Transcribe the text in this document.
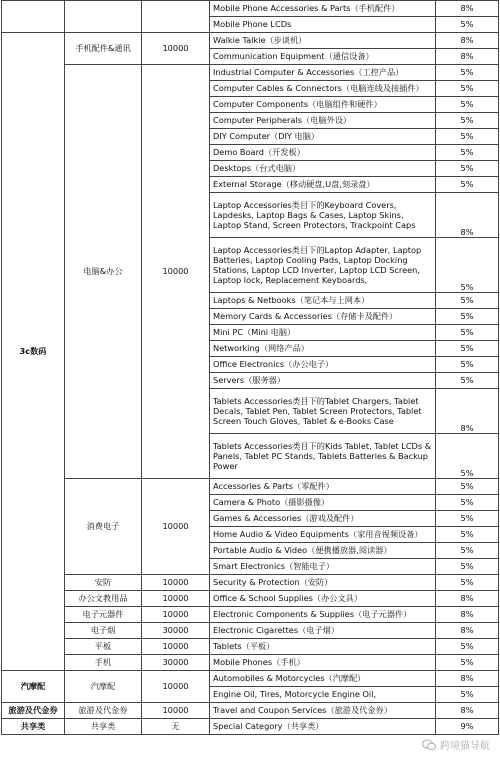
			Mobile Phone Accessories & Parts（手机配件）	8%
			Mobile Phone LCDs	5%
3c数码	手机配件&通讯	10000	Walkie Talkie（步谈机）	8%
			Communication Equipment（通信设备）	8%
	电脑&办公	10000	Industrial Computer & Accessories（工控产品）	5%
			Computer Cables & Connectors（电脑连线及接插件）	5%
			Computer Components（电脑组件和硬件）	5%
			Computer Peripherals（电脑外设）	5%
			DIY Computer（DIY 电脑）	5%
			Demo Board（开发板）	5%
			Desktops（台式电脑）	5%
			External Storage（移动硬盘,U盘,刻录盘）	5%
			Laptop Accessories类目下的Keyboard Covers, Lapdesks, Laptop Bags & Cases, Laptop Skins, Laptop Stand, Screen Protectors, Trackpoint Caps	8%
			Laptop Accessories类目下的Laptop Adapter, Laptop Batteries, Laptop Cooling Pads, Laptop Docking Stations, Laptop LCD Inverter, Laptop LCD Screen, Laptop lock, Replacement Keyboards,	5%
			Laptops & Netbooks（笔记本与上网本）	5%
			Memory Cards & Accessories（存储卡及配件）	5%
			Mini PC（Mini 电脑）	5%
			Networking（网络产品）	5%
			Office Electronics（办公电子）	5%
			Servers（服务器）	5%
			Tablets Accessories类目下的Tablet Chargers, Tablet Decals, Tablet Pen, Tablet Screen Protectors, Tablet Screen Touch Gloves, Tablet & e-Books Case	8%
			Tablets Accessories类目下的Kids Tablet, Tablet LCDs & Panels, Tablet PC Stands, Tablets Batteries & Backup Power	5%
	消费电子	10000	Accessories & Parts（零配件）	5%
			Camera & Photo（摄影摄像）	5%
			Games & Accessories（游戏及配件）	5%
			Home Audio & Video Equipments（家用音视频设备）	5%
			Portable Audio & Video（便携播放器,阅读器）	5%
			Smart Electronics（智能电子）	5%
	安防	10000	Security & Protection（安防）	5%
	办公文教用品	10000	Office & School Supplies（办公文具）	8%
	电子元器件	10000	Electronic Components & Supplies（电子元器件）	8%
	电子烟	30000	Electronic Cigarettes（电子烟）	8%
	平板	10000	Tablets（平板）	5%
	手机	30000	Mobile Phones（手机）	5%
汽摩配	汽摩配	10000	Automobiles & Motorcycles（汽摩配）	8%
			Engine Oil, Tires, Motorcycle Engine Oil,	5%
旅游及代金券	旅游及代金券	10000	Travel and Coupon Services（旅游及代金券）	8%
共享类	共享类	无	Special Category（共享类）	9%
跨境猫导航
